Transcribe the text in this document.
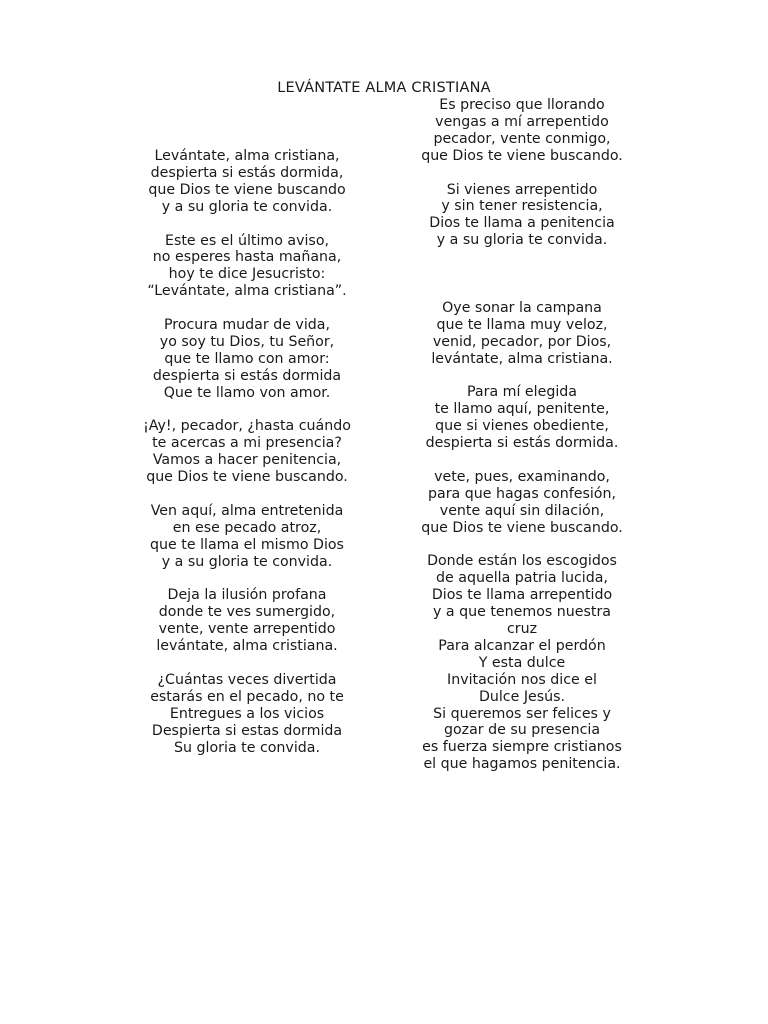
LEVÁNTATE ALMA CRISTIANA
Levántate, alma cristiana,
despierta si estás dormida,
que Dios te viene buscando
y a su gloria te convida.
Este es el último aviso,
no esperes hasta mañana,
hoy te dice Jesucristo:
“Levántate, alma cristiana”.
Procura mudar de vida,
yo soy tu Dios, tu Señor,
que te llamo con amor:
despierta si estás dormida
Que te llamo von amor.
¡Ay!, pecador, ¿hasta cuándo
te acercas a mi presencia?
Vamos a hacer penitencia,
que Dios te viene buscando.
Ven aquí, alma entretenida
en ese pecado atroz,
que te llama el mismo Dios
y a su gloria te convida.
Deja la ilusión profana
donde te ves sumergido,
vente, vente arrepentido
levántate, alma cristiana.
¿Cuántas veces divertida
estarás en el pecado, no te
Entregues a los vicios
Despierta si estas dormida
Su gloria te convida.
Es preciso que llorando
vengas a mí arrepentido
pecador, vente conmigo,
que Dios te viene buscando.
Si vienes arrepentido
y sin tener resistencia,
Dios te llama a penitencia
y a su gloria te convida.
Oye sonar la campana
que te llama muy veloz,
venid, pecador, por Dios,
levántate, alma cristiana.
Para mí elegida
te llamo aquí, penitente,
que si vienes obediente,
despierta si estás dormida.
vete, pues, examinando,
para que hagas confesión,
vente aquí sin dilación,
que Dios te viene buscando.
Donde están los escogidos
de aquella patria lucida,
Dios te llama arrepentido
y a que tenemos nuestra
cruz
Para alcanzar el perdón
Y esta dulce
Invitación nos dice el
Dulce Jesús.
Si queremos ser felices y
gozar de su presencia
es fuerza siempre cristianos
el que hagamos penitencia.
